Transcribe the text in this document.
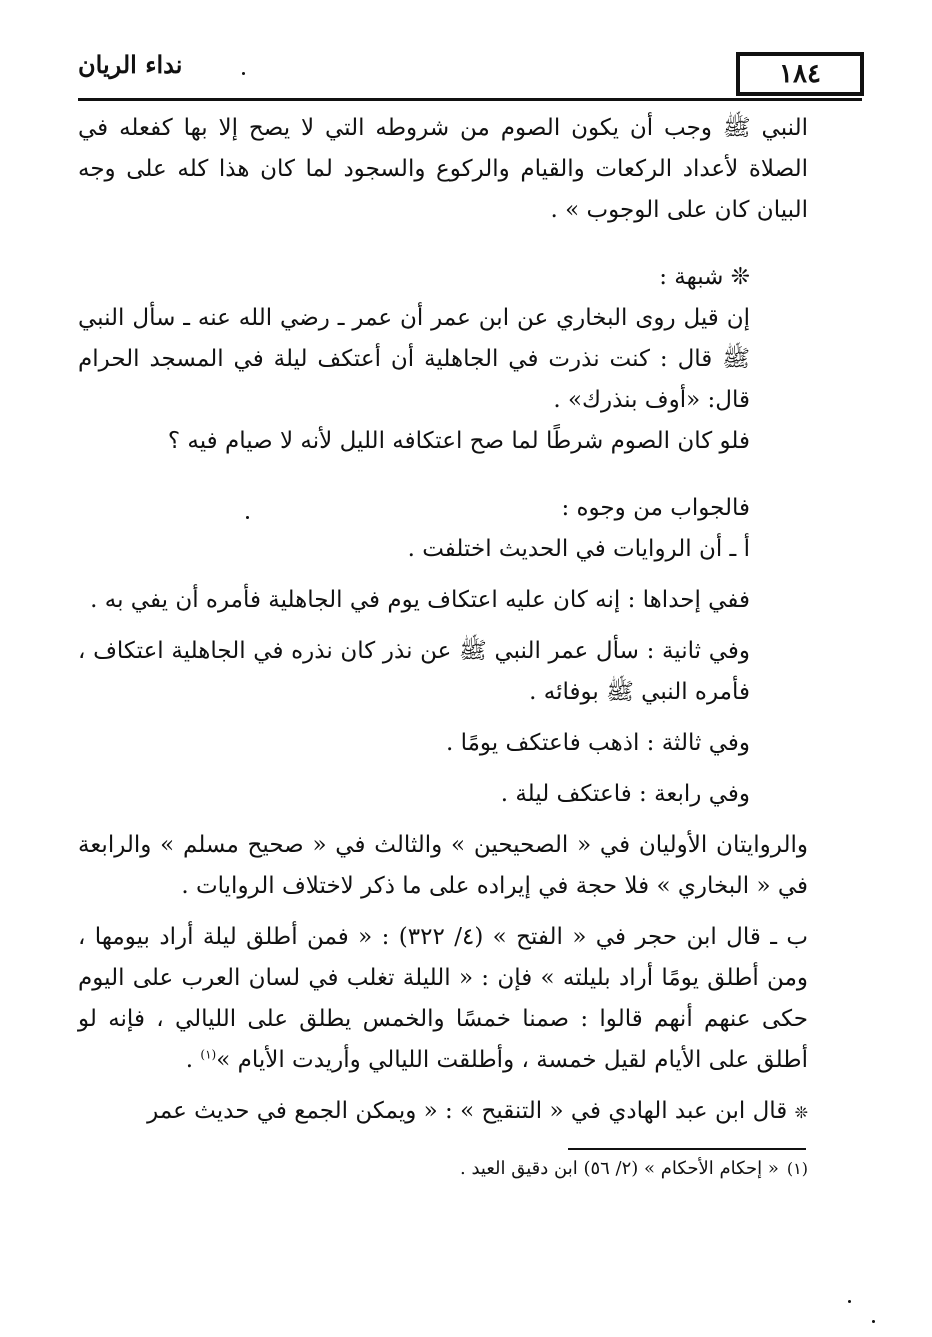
نداء الريان	١٨٤

النبي ﷺ وجب أن يكون الصوم من شروطه التي لا يصح إلا بها كفعله في الصلاة لأعداد الركعات والقيام والركوع والسجود لما كان هذا كله على وجه البيان كان على الوجوب » .

❊ شبهة :

إن قيل روى البخاري عن ابن عمر أن عمر ـ رضي الله عنه ـ سأل النبي ﷺ قال : كنت نذرت في الجاهلية أن أعتكف ليلة في المسجد الحرام قال: «أوف بنذرك» .

فلو كان الصوم شرطًا لما صح اعتكافه الليل لأنه لا صيام فيه ؟

فالجواب من وجوه :

أ ـ أن الروايات في الحديث اختلفت .

ففي إحداها : إنه كان عليه اعتكاف يوم في الجاهلية فأمره أن يفي به .

وفي ثانية : سأل عمر النبي ﷺ عن نذر كان نذره في الجاهلية اعتكاف ، فأمره النبي ﷺ بوفائه .

وفي ثالثة : اذهب فاعتكف يومًا .

وفي رابعة : فاعتكف ليلة .

والروايتان الأوليان في « الصحيحين » والثالث في « صحيح مسلم » والرابعة في « البخاري » فلا حجة في إيراده على ما ذكر لاختلاف الروايات .

ب ـ قال ابن حجر في « الفتح » (٤/ ٣٢٢) : « فمن أطلق ليلة أراد بيومها ، ومن أطلق يومًا أراد بليلته » فإن : « الليلة تغلب في لسان العرب على اليوم حكى عنهم أنهم قالوا : صمنا خمسًا والخمس يطلق على الليالي ، فإنه لو أطلق على الأيام لقيل خمسة ، وأطلقت الليالي وأريدت الأيام »$^{(١)}$ .

❊ قال ابن عبد الهادي في « التنقيح » : « ويمكن الجمع في حديث عمر

(١)« إحكام الأحكام » (٢/ ٥٦) ابن دقيق العيد .
